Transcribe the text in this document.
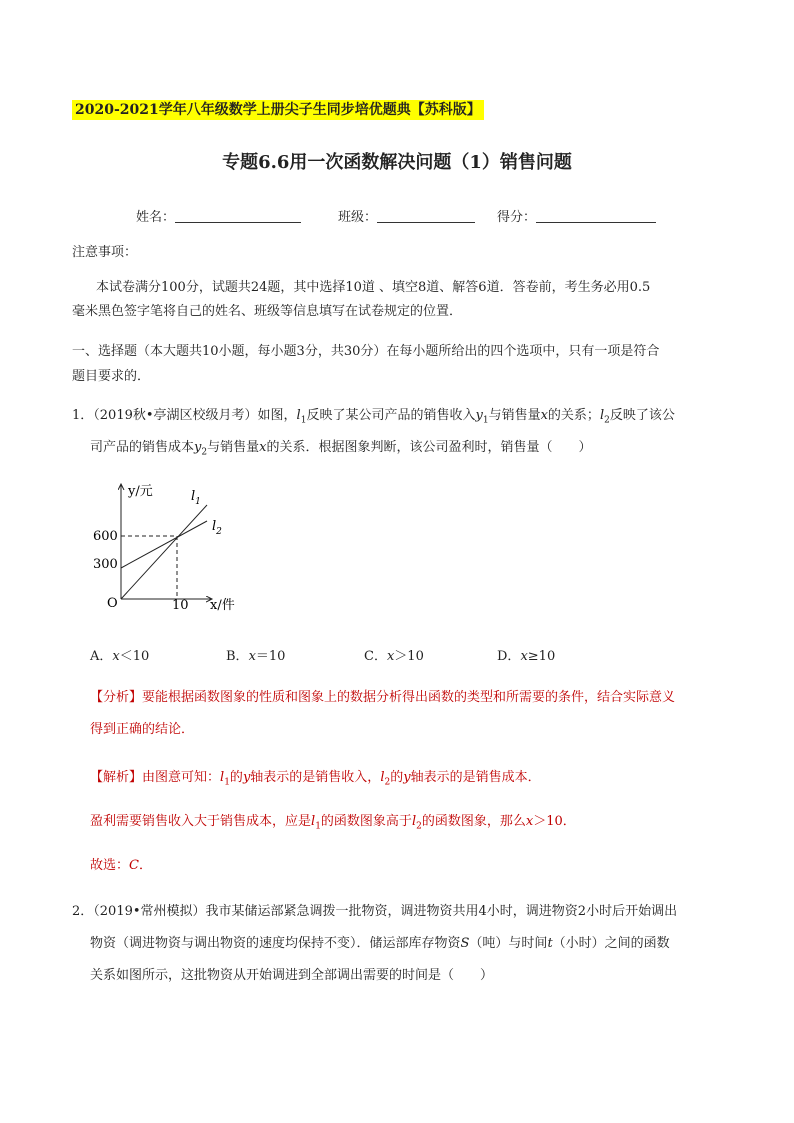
2020-2021学年八年级数学上册尖子生同步培优题典【苏科版】
专题6.6用一次函数解决问题（1）销售问题
姓名：	班级：	得分：
注意事项：
本试卷满分100分，试题共24题，其中选择10道 、填空8道、解答6道．答卷前，考生务必用0.5
毫米黑色签字笔将自己的姓名、班级等信息填写在试卷规定的位置．
一、选择题（本大题共10小题，每小题3分，共30分）在每小题所给出的四个选项中，只有一项是符合
题目要求的．
1．（2019秋•亭湖区校级月考）如图，$l_1$反映了某公司产品的销售收入$y_1$与销售量x的关系；$l_2$反映了该公
司产品的销售成本$y_2$与销售量x的关系．根据图象判断，该公司盈利时，销售量（　　）
y/元
x/件
O
600
300
10
$l_1$
$l_2$
A．x＜10	B．x＝10	C．x＞10	D．x≥10
【分析】要能根据函数图象的性质和图象上的数据分析得出函数的类型和所需要的条件，结合实际意义
得到正确的结论．
【解析】由图意可知：$l_1$的y轴表示的是销售收入，$l_2$的y轴表示的是销售成本．
盈利需要销售收入大于销售成本，应是$l_1$的函数图象高于$l_2$的函数图象，那么x＞10．
故选：C．
2．（2019•常州模拟）我市某储运部紧急调拨一批物资，调进物资共用4小时，调进物资2小时后开始调出
物资（调进物资与调出物资的速度均保持不变）．储运部库存物资S（吨）与时间t（小时）之间的函数
关系如图所示，这批物资从开始调进到全部调出需要的时间是（　　）
